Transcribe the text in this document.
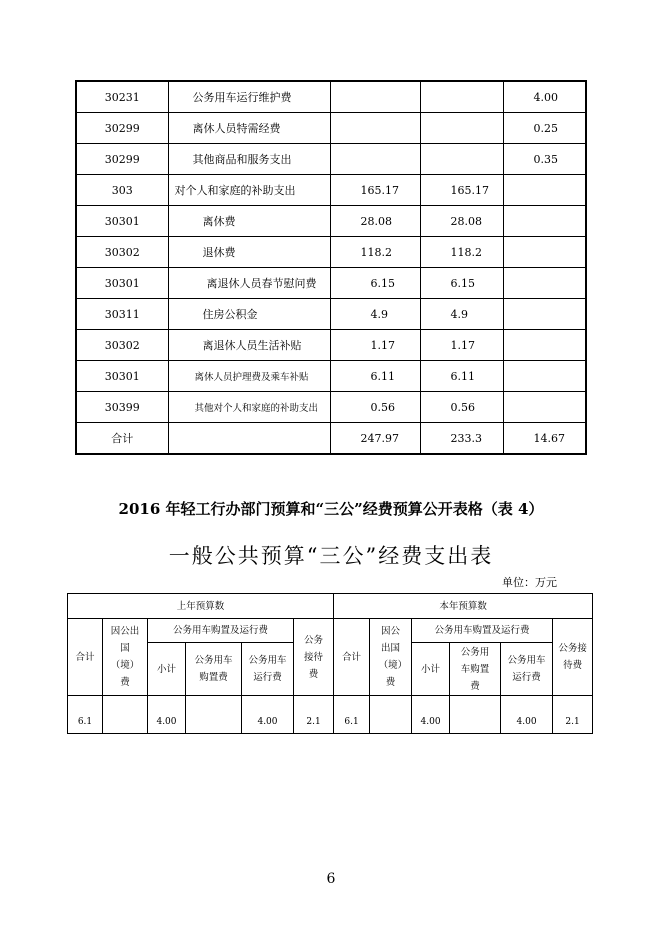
30231	公务用车运行维护费			4.00
30299	离休人员特需经费			0.25
30299	其他商品和服务支出			0.35
303	对个人和家庭的补助支出	165.17	165.17	
30301	离休费	28.08	28.08	
30302	退休费	118.2	118.2	
30301	离退休人员春节慰问费	6.15	6.15	
30311	住房公积金	4.9	4.9	
30302	离退休人员生活补贴	1.17	1.17	
30301	离休人员护理费及乘车补贴	6.11	6.11	
30399	其他对个人和家庭的补助支出	0.56	0.56	
合计		247.97	233.3	14.67
2016 年轻工行办部门预算和“三公”经费预算公开表格（表 4）
一般公共预算“三公”经费支出表
单位：万元
上年预算数						本年预算数					
合计	因公出国（境）费	公务用车购置及运行费			公务接待费	合计	因公出国（境）费	公务用车购置及运行费			公务接待费
		小计	公务用车购置费	公务用车运行费				小计	公务用车购置费	公务用车运行费	
6.1		4.00		4.00	2.1	6.1		4.00		4.00	2.1
6
